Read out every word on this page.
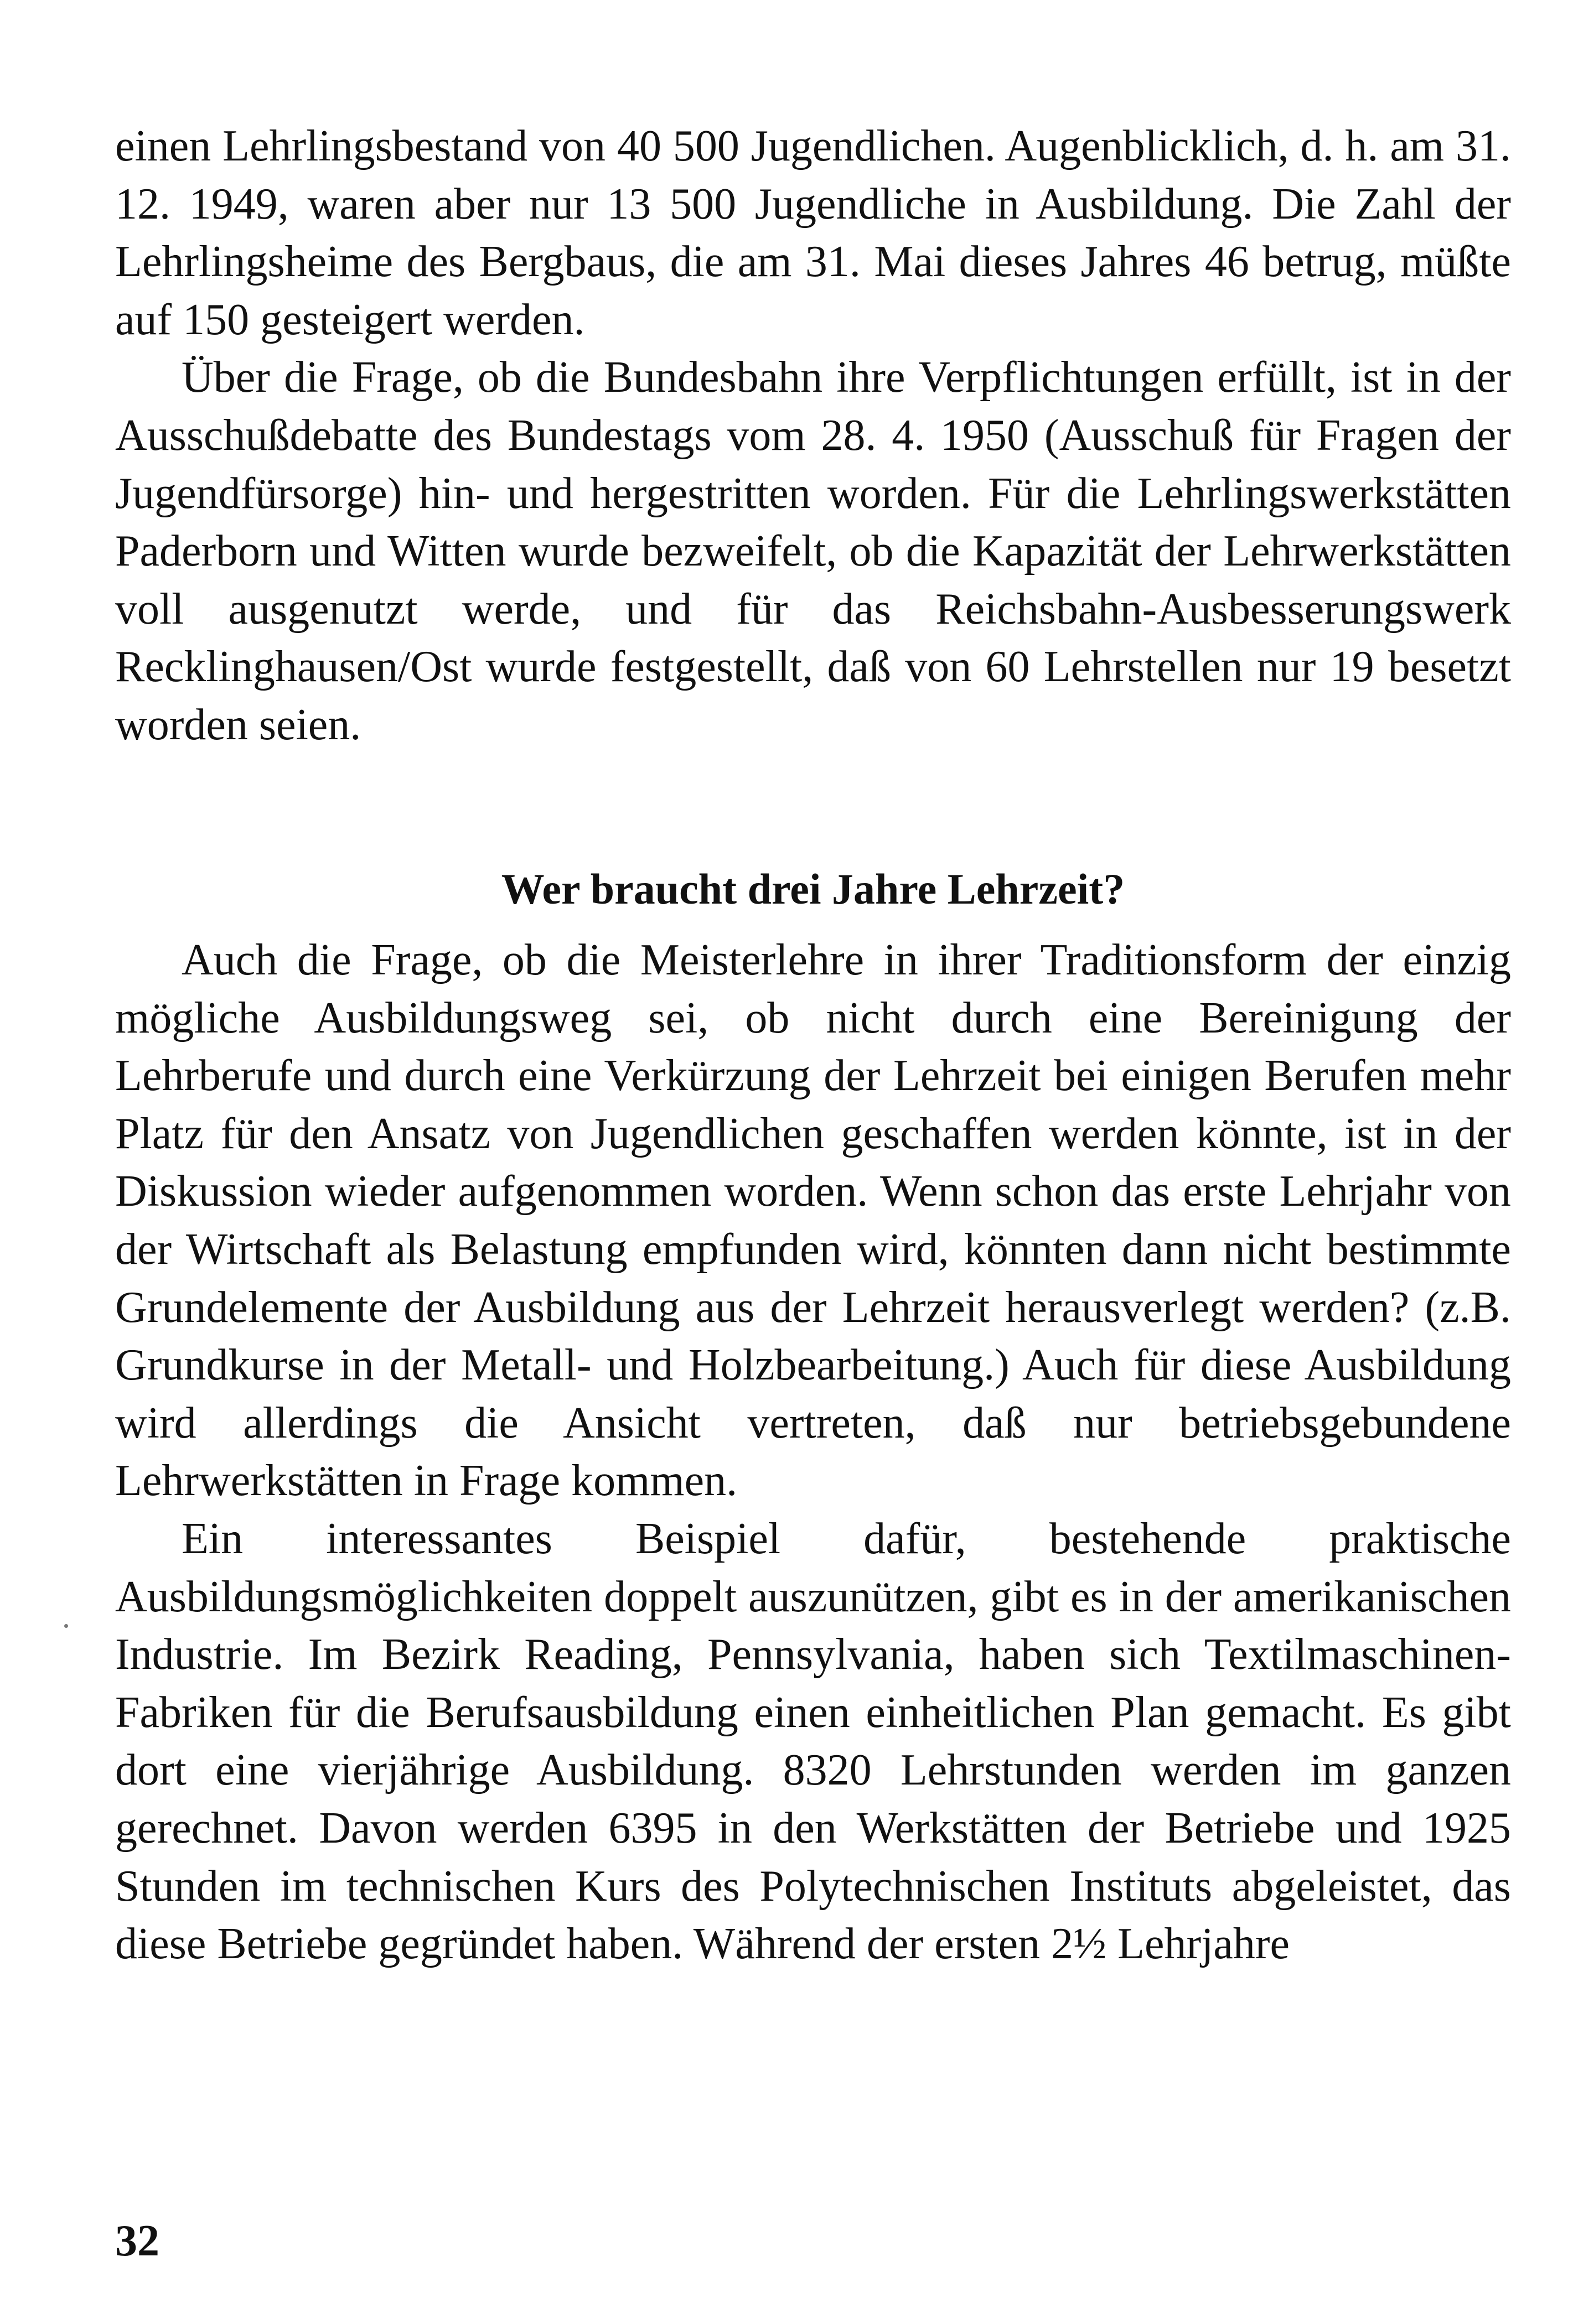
einen Lehrlingsbestand von 40 500 Jugendlichen. Augenblicklich, d. h. am 31. 12. 1949, waren aber nur 13 500 Jugendliche in Ausbildung. Die Zahl der Lehrlingsheime des Bergbaus, die am 31. Mai dieses Jahres 46 betrug, müßte auf 150 gesteigert werden.

Über die Frage, ob die Bundesbahn ihre Verpflichtungen erfüllt, ist in der Ausschußdebatte des Bundestags vom 28. 4. 1950 (Ausschuß für Fragen der Jugendfürsorge) hin- und hergestritten worden. Für die Lehrlingswerkstätten Paderborn und Witten wurde bezweifelt, ob die Kapazität der Lehrwerkstätten voll ausgenutzt werde, und für das Reichsbahn-Ausbesserungswerk Recklinghausen/Ost wurde festgestellt, daß von 60 Lehrstellen nur 19 besetzt worden seien.

Wer braucht drei Jahre Lehrzeit?

Auch die Frage, ob die Meisterlehre in ihrer Traditionsform der einzig mögliche Ausbildungsweg sei, ob nicht durch eine Bereinigung der Lehrberufe und durch eine Verkürzung der Lehrzeit bei einigen Berufen mehr Platz für den Ansatz von Jugendlichen geschaffen werden könnte, ist in der Diskussion wieder aufgenommen worden. Wenn schon das erste Lehrjahr von der Wirtschaft als Belastung empfunden wird, könnten dann nicht bestimmte Grundelemente der Ausbildung aus der Lehrzeit herausverlegt werden? (z.B. Grundkurse in der Metall- und Holzbearbeitung.) Auch für diese Ausbildung wird allerdings die Ansicht vertreten, daß nur betriebsgebundene Lehrwerkstätten in Frage kommen.

Ein interessantes Beispiel dafür, bestehende praktische Ausbildungsmöglichkeiten doppelt auszunützen, gibt es in der amerikanischen Industrie. Im Bezirk Reading, Pennsylvania, haben sich Textilmaschinen-Fabriken für die Berufsausbildung einen einheitlichen Plan gemacht. Es gibt dort eine vierjährige Ausbildung. 8320 Lehrstunden werden im ganzen gerechnet. Davon werden 6395 in den Werkstätten der Betriebe und 1925 Stunden im technischen Kurs des Polytechnischen Instituts abgeleistet, das diese Betriebe gegründet haben. Während der ersten 2½ Lehrjahre

32
